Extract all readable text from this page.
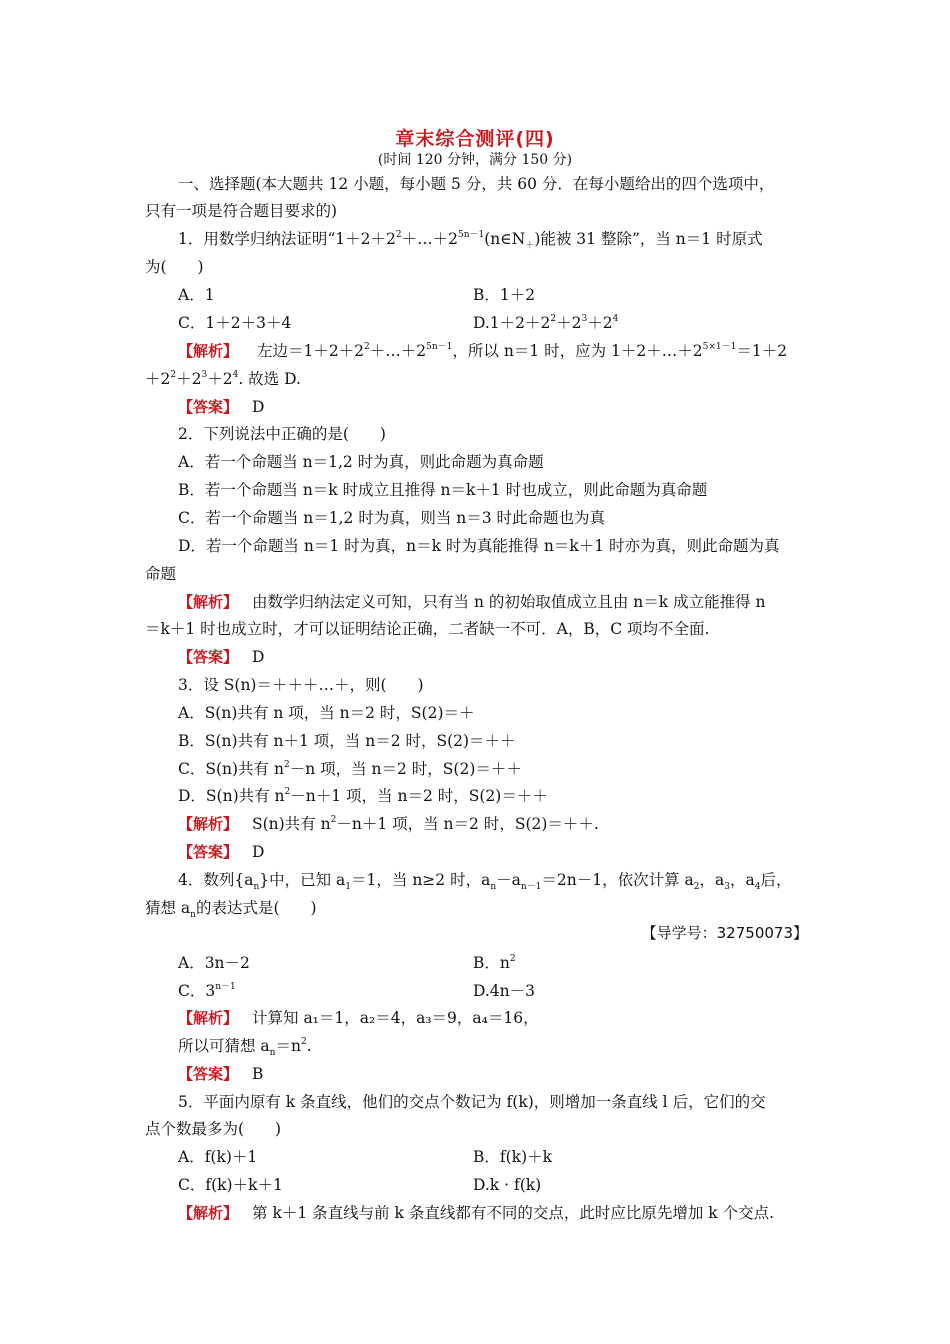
章末综合测评(四)
(时间 120 分钟，满分 150 分)
一、选择题(本大题共 12 小题，每小题 5 分，共 60 分．在每小题给出的四个选项中，
只有一项是符合题目要求的)
1．用数学归纳法证明“$1+2+2^2+\dots+2^{5n-1}(n\in N_+)$能被 31 整除”，当 n＝1 时原式
为(　　)
A．1	B．1＋2
C．1＋2＋3＋4	$D.1+2+2^2+2^3+2^4$
【解析】 左边$=1+2+2^2+\dots+2^{5n-1}$，所以 n＝1 时，应为 $1+2+\dots+2^{5\times 1-1}=1+2$
$+2^2+2^3+2^4$. 故选 D.
【答案】 D
2．下列说法中正确的是(　　)
A．若一个命题当 n＝1,2 时为真，则此命题为真命题
B．若一个命题当 n＝k 时成立且推得 n＝k＋1 时也成立，则此命题为真命题
C．若一个命题当 n＝1,2 时为真，则当 n＝3 时此命题也为真
D．若一个命题当 n＝1 时为真，n＝k 时为真能推得 n＝k＋1 时亦为真，则此命题为真
命题
【解析】 由数学归纳法定义可知，只有当 n 的初始取值成立且由 n＝k 成立能推得 n
＝k＋1 时也成立时，才可以证明结论正确，二者缺一不可．A，B，C 项均不全面.
【答案】 D
3．设 S(n)＝＋＋＋…＋，则(　　)
A．S(n)共有 n 项，当 n＝2 时，S(2)＝＋
B．S(n)共有 n＋1 项，当 n＝2 时，S(2)＝＋＋
C．S(n)共有 $n^2-n$ 项，当 n＝2 时，S(2)＝＋＋
D．S(n)共有 $n^2-n+1$ 项，当 n＝2 时，S(2)＝＋＋
【解析】 S(n)共有 $n^2-n+1$ 项，当 n＝2 时，S(2)＝＋＋.
【答案】 D
4．数列$\{a_n\}$中，已知 $a_1=1$，当 n≥2 时，$a_n-a_{n-1}=2n-1$，依次计算 $a_2$，$a_3$，$a_4$后，
猜想 $a_n$的表达式是(　　)
【导学号：32750073】
A．3n－2	B．$n^2$
C．$3^{n-1}$	D.4n－3
【解析】 计算知 a₁＝1，a₂＝4，a₃＝9，a₄＝16，
所以可猜想 $a_n=n^2$.
【答案】 B
5．平面内原有 k 条直线，他们的交点个数记为 f(k)，则增加一条直线 l 后，它们的交
点个数最多为(　　)
A．f(k)＋1	B．f(k)＋k
C．f(k)＋k＋1	D.k · f(k)
【解析】 第 k＋1 条直线与前 k 条直线都有不同的交点，此时应比原先增加 k 个交点.
